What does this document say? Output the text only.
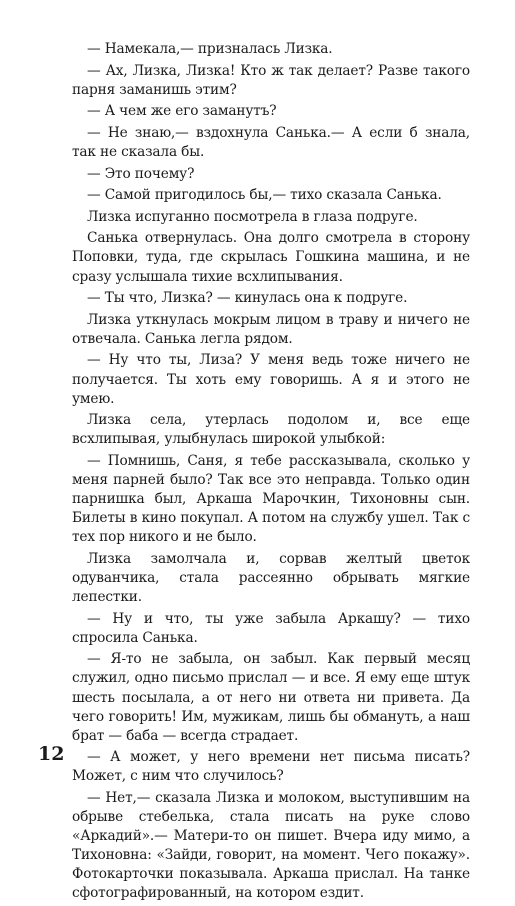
— Намекала,— призналась Лизка.

— Ах, Лизка, Лизка! Кто ж так делает? Разве такого парня заманишь этим?

— А чем же его заманутъ?

— Не знаю,— вздохнула Санька.— А если б знала, так не сказала бы.

— Это почему?

— Самой пригодилось бы,— тихо сказала Санька.

Лизка испуганно посмотрела в глаза подруге.

Санька отвернулась. Она долго смотрела в сторону Поповки, туда, где скрылась Гошкина машина, и не сразу услышала тихие всхлипывания.

— Ты что, Лизка? — кинулась она к подруге.

Лизка уткнулась мокрым лицом в траву и ничего не отвечала. Санька легла рядом.

— Ну что ты, Лиза? У меня ведь тоже ничего не получается. Ты хоть ему говоришь. А я и этого не умею.

Лизка села, утерлась подолом и, все еще всхлипывая, улыбнулась широкой улыбкой:

— Помнишь, Саня, я тебе рассказывала, сколько у меня парней было? Так все это неправда. Только один парнишка был, Аркаша Марочкин, Тихоновны сын. Билеты в кино покупал. А потом на службу ушел. Так с тех пор никого и не было.

Лизка замолчала и, сорвав желтый цветок одуванчика, стала рассеянно обрывать мягкие лепестки.

— Ну и что, ты уже забыла Аркашу? — тихо спросила Санька.

— Я-то не забыла, он забыл. Как первый месяц служил, одно письмо прислал — и все. Я ему еще штук шесть посылала, а от него ни ответа ни привета. Да чего говорить! Им, мужикам, лишь бы обмануть, а наш брат — баба — всегда страдает.

— А может, у него времени нет письма писать? Может, с ним что случилось?

— Нет,— сказала Лизка и молоком, выступившим на обрыве стебелька, стала писать на руке слово «Аркадий».— Матери-то он пишет. Вчера иду мимо, а Тихоновна: «Зайди, говорит, на момент. Чего покажу». Фотокарточки показывала. Аркаша прислал. На танке сфотографированный, на котором ездит.

12
